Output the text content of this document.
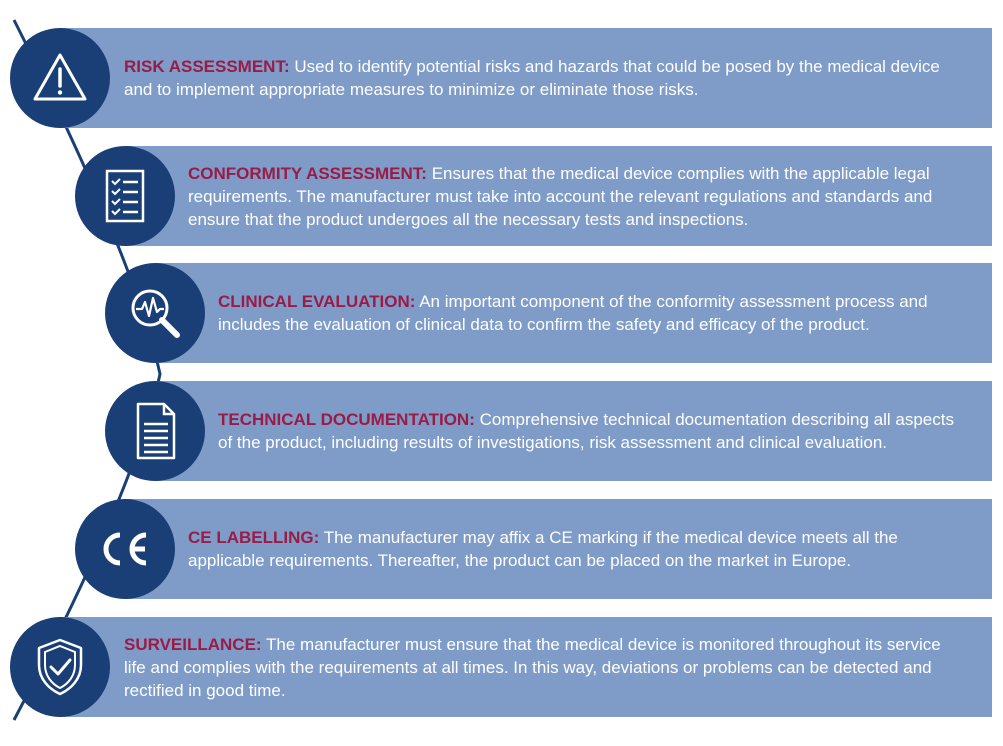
RISK ASSESSMENT: Used to identify potential risks and hazards that could be posed by the medical device and to implement appropriate measures to minimize or eliminate those risks.
CONFORMITY ASSESSMENT: Ensures that the medical device complies with the applicable legal requirements. The manufacturer must take into account the relevant regulations and standards and ensure that the product undergoes all the necessary tests and inspections.
CLINICAL EVALUATION: An important component of the conformity assessment process and includes the evaluation of clinical data to confirm the safety and efficacy of the product.
TECHNICAL DOCUMENTATION: Comprehensive technical documentation describing all aspects of the product, including results of investigations, risk assessment and clinical evaluation.
CE LABELLING: The manufacturer may affix a CE marking if the medical device meets all the applicable requirements. Thereafter, the product can be placed on the market in Europe.
SURVEILLANCE: The manufacturer must ensure that the medical device is monitored throughout its service life and complies with the requirements at all times. In this way, deviations or problems can be detected and rectified in good time.
